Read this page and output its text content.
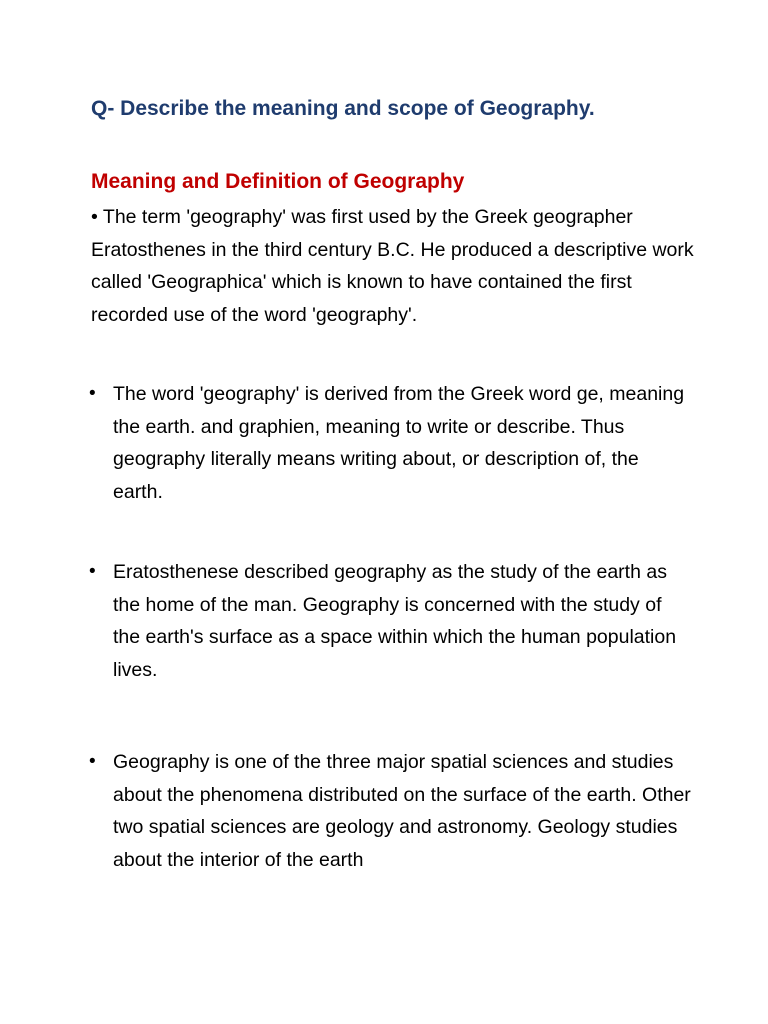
Q- Describe the meaning and scope of Geography.
Meaning and Definition of Geography

• The term 'geography' was first used by the Greek geographer Eratosthenes in the third century B.C. He produced a descriptive work called 'Geographica' which is known to have contained the first recorded use of the word 'geography'.

• The word 'geography' is derived from the Greek word ge, meaning the earth. and graphien, meaning to write or describe. Thus geography literally means writing about, or description of, the earth.

• Eratosthenese described geography as the study of the earth as the home of the man. Geography is concerned with the study of the earth's surface as a space within which the human population lives.

• Geography is one of the three major spatial sciences and studies about the phenomena distributed on the surface of the earth. Other two spatial sciences are geology and astronomy. Geology studies about the interior of the earth
